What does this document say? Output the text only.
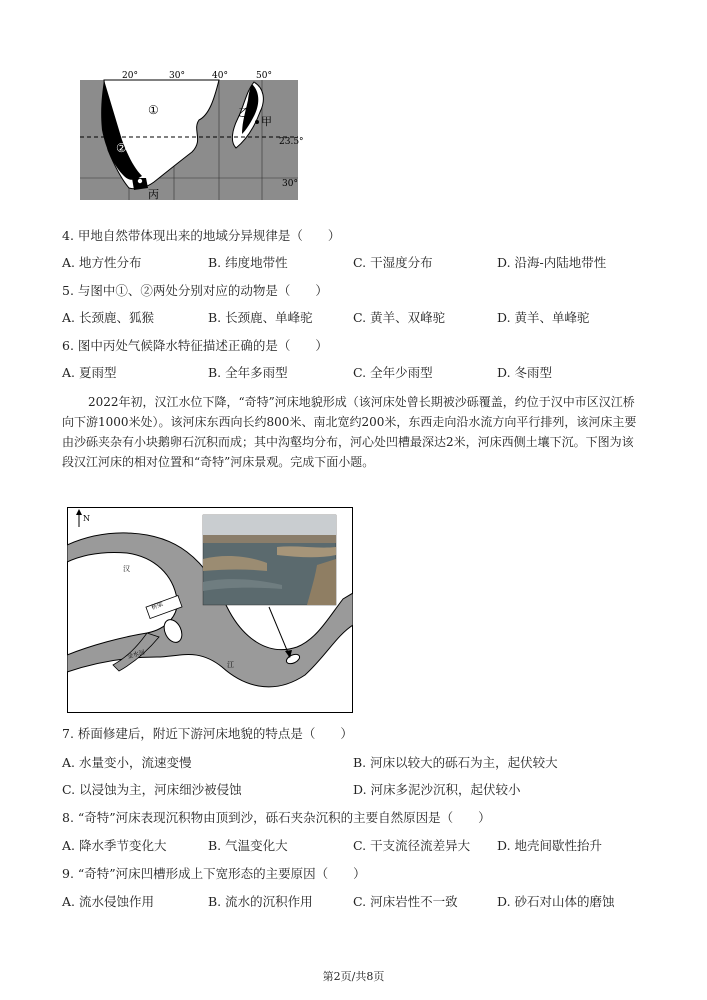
20°	30°	40°	50°
23.5°
30°
①
②
乙
甲
丙
4. 甲地自然带体现出来的地域分异规律是（　　）
A. 地方性分布	B. 纬度地带性	C. 干湿度分布	D. 沿海-内陆地带性
5. 与图中①、②两处分别对应的动物是（　　）
A. 长颈鹿、狐猴	B. 长颈鹿、单峰驼	C. 黄羊、双峰驼	D. 黄羊、单峰驼
6. 图中丙处气候降水特征描述正确的是（　　）
A. 夏雨型	B. 全年多雨型	C. 全年少雨型	D. 冬雨型
2022年初，汉江水位下降，“奇特”河床地貌形成（该河床处曾长期被沙砾覆盖，约位于汉中市区汉江桥向下游1000米处）。该河床东西向长约800米、南北宽约200米，东西走向沿水流方向平行排列，该河床主要由沙砾夹杂有小块鹅卵石沉积而成；其中沟壑均分布，河心处凹槽最深达2米，河床西侧土壤下沉。下图为该段汉江河床的相对位置和“奇特”河床景观。完成下面小题。
N
汉
江
桥梁
金水河
7. 桥面修建后，附近下游河床地貌的特点是（　　）
A. 水量变小，流速变慢	B. 河床以较大的砾石为主，起伏较大
C. 以浸蚀为主，河床细沙被侵蚀	D. 河床多泥沙沉积，起伏较小
8. “奇特”河床表现沉积物由顶到沙，砾石夹杂沉积的主要自然原因是（　　）
A. 降水季节变化大	B. 气温变化大	C. 干支流径流差异大 D. 地壳间歇性抬升
9. “奇特”河床凹槽形成上下宽形态的主要原因（　　）
A. 流水侵蚀作用	B. 流水的沉积作用	C. 河床岩性不一致	D. 砂石对山体的磨蚀
第2页/共8页
